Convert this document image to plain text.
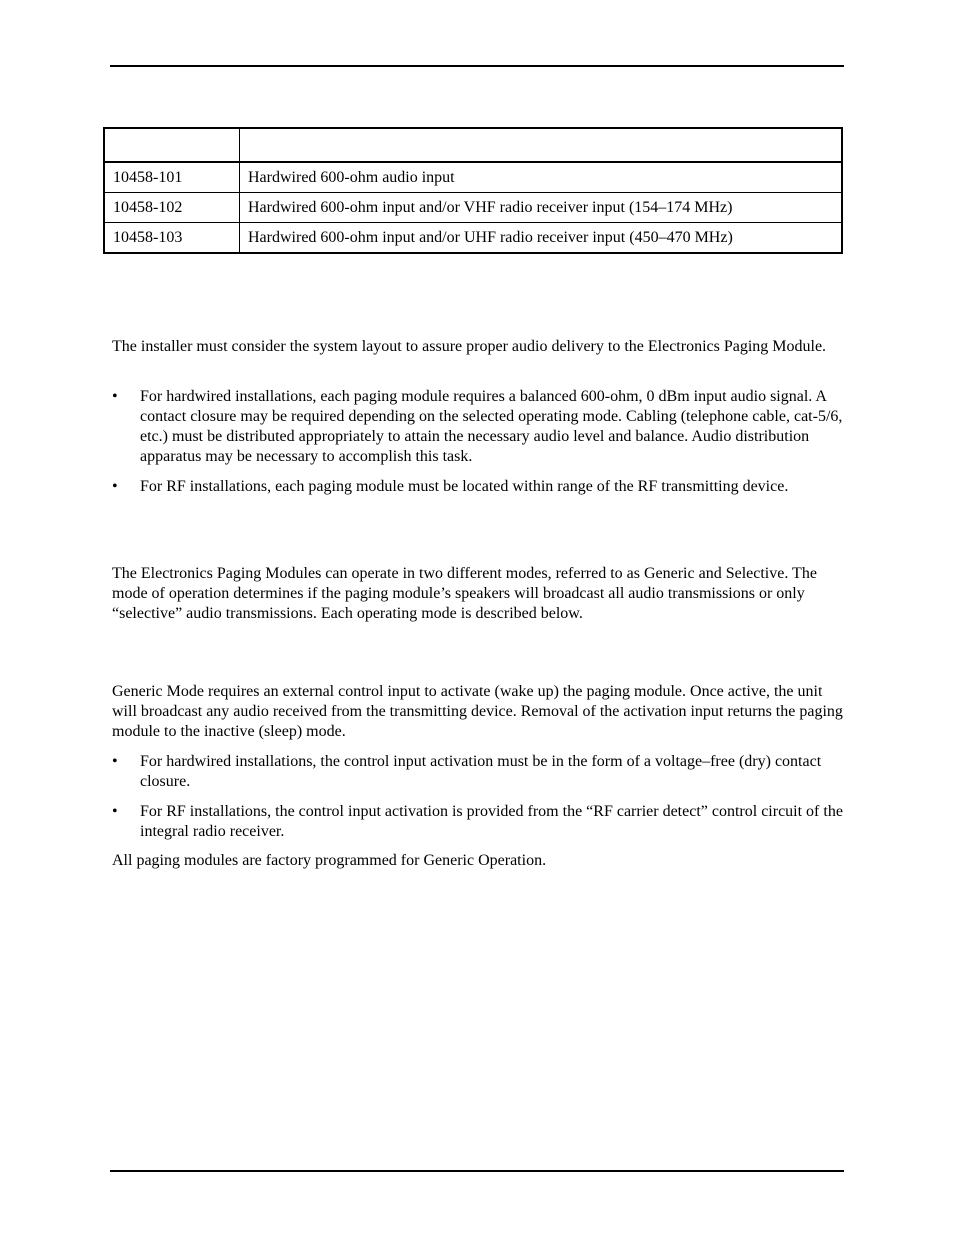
10458-101	Hardwired 600-ohm audio input
10458-102	Hardwired 600-ohm input and/or VHF radio receiver input (154–174 MHz)
10458-103	Hardwired 600-ohm input and/or UHF radio receiver input (450–470 MHz)

The installer must consider the system layout to assure proper audio delivery to the Electronics Paging Module.

•	For hardwired installations, each paging module requires a balanced 600-ohm, 0 dBm input audio signal. A contact closure may be required depending on the selected operating mode. Cabling (telephone cable, cat-5/6, etc.) must be distributed appropriately to attain the necessary audio level and balance. Audio distribution apparatus may be necessary to accomplish this task.
•	For RF installations, each paging module must be located within range of the RF transmitting device.

The Electronics Paging Modules can operate in two different modes, referred to as Generic and Selective. The mode of operation determines if the paging module’s speakers will broadcast all audio transmissions or only “selective” audio transmissions. Each operating mode is described below.

Generic Mode requires an external control input to activate (wake up) the paging module. Once active, the unit will broadcast any audio received from the transmitting device. Removal of the activation input returns the paging module to the inactive (sleep) mode.

•	For hardwired installations, the control input activation must be in the form of a voltage–free (dry) contact closure.
•	For RF installations, the control input activation is provided from the “RF carrier detect” control circuit of the integral radio receiver.

All paging modules are factory programmed for Generic Operation.
